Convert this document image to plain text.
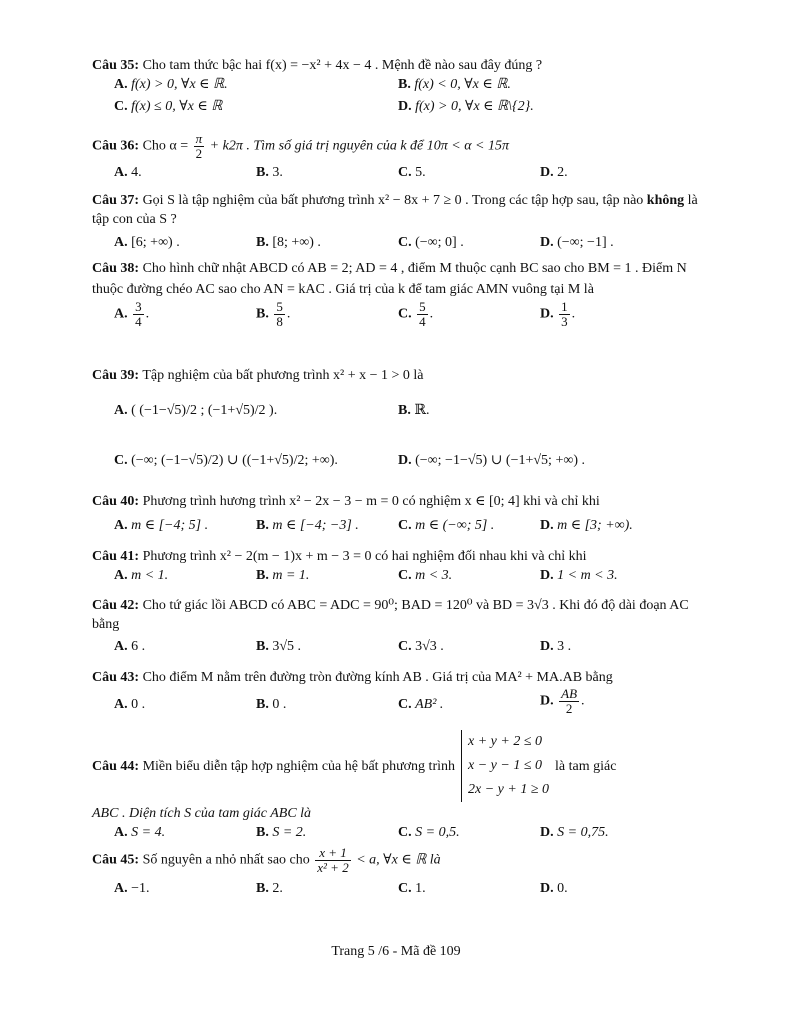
Câu 35: Cho tam thức bậc hai f(x) = −x² + 4x − 4 . Mệnh đề nào sau đây đúng ?
A. f(x) > 0, ∀x ∈ ℝ.	B. f(x) < 0, ∀x ∈ ℝ.
C. f(x) ≤ 0, ∀x ∈ ℝ	D. f(x) > 0, ∀x ∈ ℝ\{2}.
Câu 36: Cho $\alpha = \frac{\pi}{2} + k2\pi$ . Tìm số giá trị nguyên của k để 10π < α < 15π
A. 4.	B. 3.	C. 5.	D. 2.
Câu 37: Gọi S là tập nghiệm của bất phương trình x² − 8x + 7 ≥ 0 . Trong các tập hợp sau, tập nào không là tập con của S ?
A. [6; +∞) .	B. [8; +∞) .	C. (−∞; 0] .	D. (−∞; −1] .
Câu 38: Cho hình chữ nhật ABCD có AB = 2; AD = 4 , điểm M thuộc cạnh BC sao cho BM = 1 . Điểm N thuộc đường chéo AC sao cho AN = kAC . Giá trị của k để tam giác AMN vuông tại M là
A. $\frac{3}{4}$ .	B. $\frac{5}{8}$ .	C. $\frac{5}{4}$ .	D. $\frac{1}{3}$ .
Câu 39: Tập nghiệm của bất phương trình x² + x − 1 > 0 là
A. ( (−1−√5)/2 ; (−1+√5)/2 ).	B. ℝ.
C. (−∞; (−1−√5)/2) ∪ ((−1+√5)/2; +∞).	D. (−∞; −1−√5) ∪ (−1+√5; +∞) .
Câu 40: Phương trình hương trình x² − 2x − 3 − m = 0 có nghiệm x ∈ [0; 4] khi và chỉ khi
A. m ∈ [−4; 5] .	B. m ∈ [−4; −3] .	C. m ∈ (−∞; 5] .	D. m ∈ [3; +∞).
Câu 41: Phương trình x² − 2(m − 1)x + m − 3 = 0 có hai nghiệm đối nhau khi và chỉ khi
A. m < 1.	B. m = 1.	C. m < 3.	D. 1 < m < 3.
Câu 42: Cho tứ giác lồi ABCD có ABC = ADC = 90⁰; BAD = 120⁰ và BD = 3√3 . Khi đó độ dài đoạn AC bằng
A. 6 .	B. 3√5 .	C. 3√3 .	D. 3 .
Câu 43: Cho điểm M nằm trên đường tròn đường kính AB . Giá trị của MA² + MA.AB bằng
A. 0 .	B. 0 .	C. AB² .	D. $\frac{AB}{2}$ .
Câu 44:
Miền biểu diễn tập hợp nghiệm của hệ bất phương trình
x + y + 2 ≤ 0
x − y − 1 ≤ 0
2x − y + 1 ≥ 0
là tam giác
ABC . Diện tích S của tam giác ABC là
A. S = 4.	B. S = 2.	C. S = 0,5.	D. S = 0,75.
Câu 45: Số nguyên a nhỏ nhất sao cho $\frac{x + 1}{\text{x² + 2}} < a$, ∀x ∈ ℝ là
A. −1.	B. 2.	C. 1.	D. 0.
Trang 5 /6 - Mã đề 109
